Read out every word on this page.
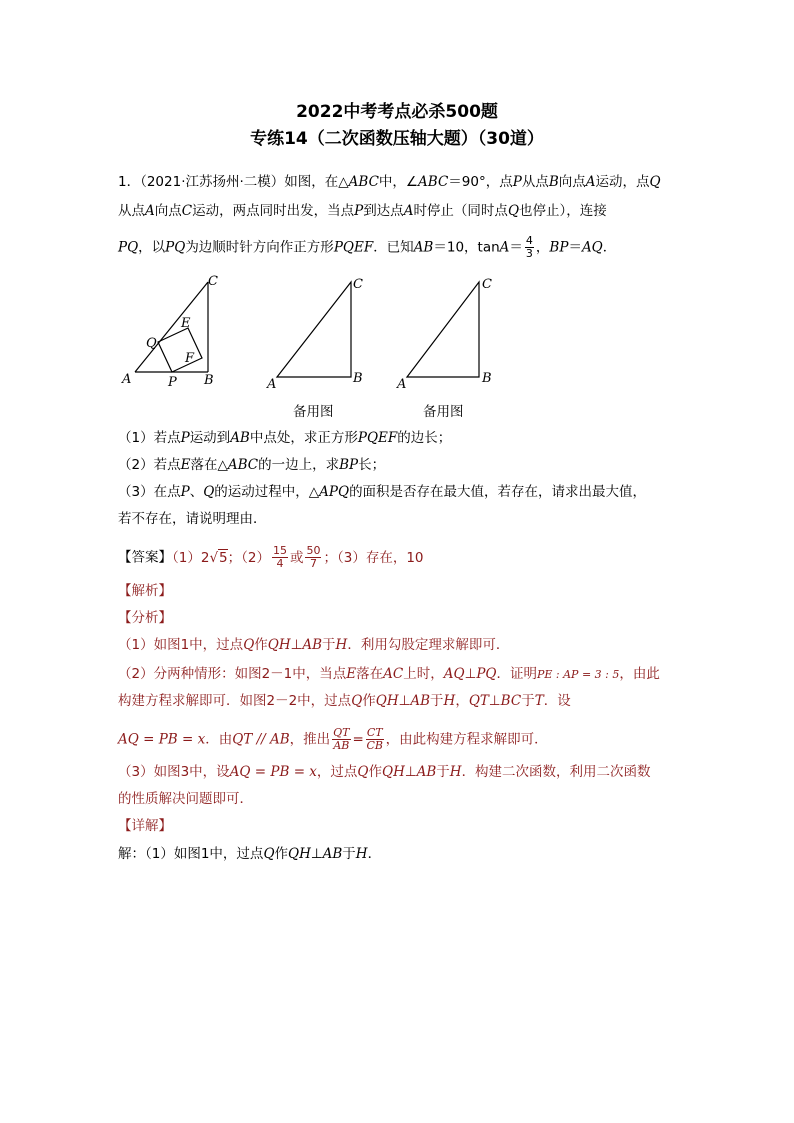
2022中考考点必杀500题
专练14（二次函数压轴大题）（30道）
1．（2021·江苏扬州·二模）如图，在△ABC中，∠ABC＝90°，点P从点B向点A运动，点Q
从点A向点C运动，两点同时出发，当点P到达点A时停止（同时点Q也停止），连接
PQ，以PQ为边顺时针方向作正方形PQEF．已知AB＝10，$\tan A= \frac{4}{3}$ ，BP＝AQ．
A	B
C
P
Q
E
F
A	B
C
A	B
C
备用图	备用图
（1）若点P运动到AB中点处，求正方形PQEF的边长；
（2）若点E落在△ABC的一边上，求BP长；
（3）在点P、Q的运动过程中，△APQ的面积是否存在最大值，若存在，请求出最大值，
若不存在，请说明理由．
【答案】（1）2√5；$(2) \frac{15}{4}$ 或 $\frac{50}{7}$ ；（3）存在，10
【解析】
【分析】
（1）如图1中，过点Q作QH⊥AB于H．利用勾股定理求解即可．
（2）分两种情形：如图2－1中，当点E落在AC上时，AQ⊥PQ．证明PE : AP = 3 : 5，由此
构建方程求解即可．如图2－2中，过点Q作QH⊥AB于H，QT⊥BC于T．设
AQ = PB = x．由QT // AB，推出 $\frac{QT}{AB} = \frac{CT}{CB}$ ，由此构建方程求解即可．
（3）如图3中，设AQ = PB = x，过点Q作QH⊥AB于H．构建二次函数，利用二次函数
的性质解决问题即可．
【详解】
解：（1）如图1中，过点Q作QH⊥AB于H．
